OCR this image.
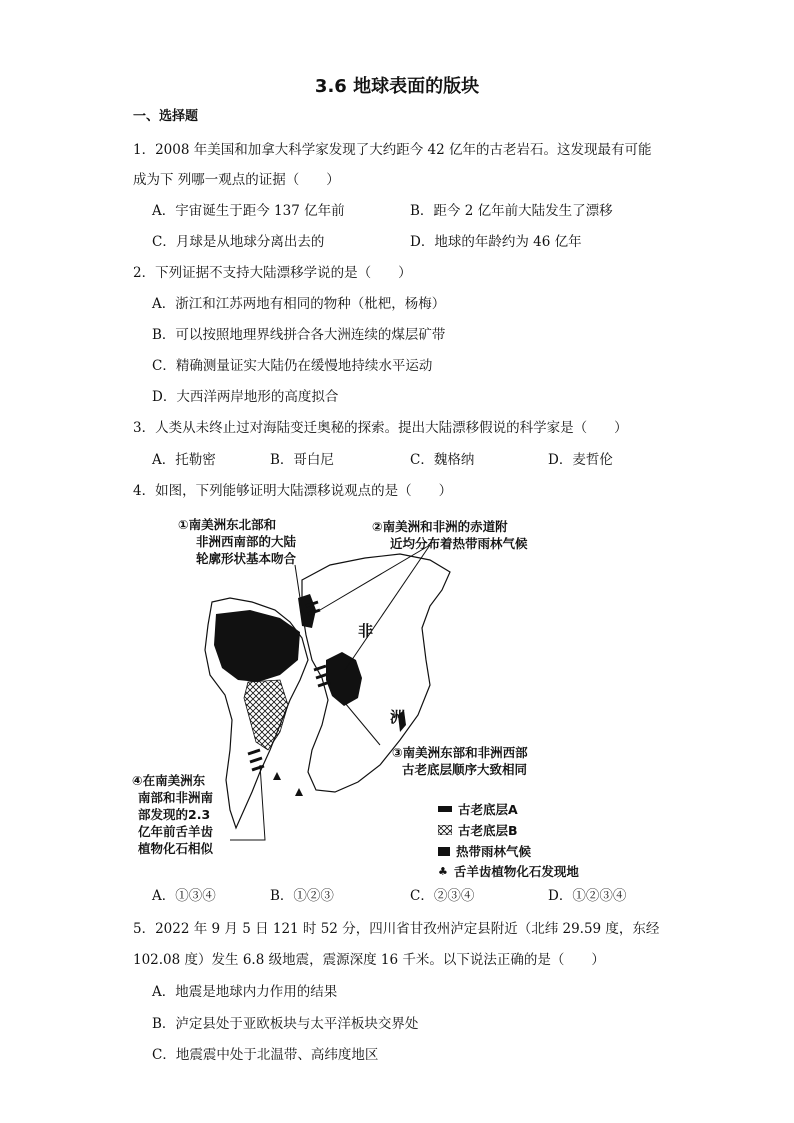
3.6 地球表面的版块
一、选择题
1．2008 年美国和加拿大科学家发现了大约距今 42 亿年的古老岩石。这发现最有可能
成为下 列哪一观点的证据（　　）
A．宇宙诞生于距今 137 亿年前	B．距今 2 亿年前大陆发生了漂移
C．月球是从地球分离出去的	D．地球的年龄约为 46 亿年
2．下列证据不支持大陆漂移学说的是（　　）
A．浙江和江苏两地有相同的物种（枇杷，杨梅）
B．可以按照地理界线拼合各大洲连续的煤层矿带
C．精确测量证实大陆仍在缓慢地持续水平运动
D．大西洋两岸地形的高度拟合
3．人类从未终止过对海陆变迁奥秘的探索。提出大陆漂移假说的科学家是（　　）
A．托勒密	B．哥白尼	C．魏格纳	D．麦哲伦
4．如图，下列能够证明大陆漂移说观点的是（　　）
①南美洲东北部和
非洲西南部的大陆
轮廓形状基本吻合
②南美洲和非洲的赤道附
近均分布着热带雨林气候
非
洲
③南美洲东部和非洲西部
古老底层顺序大致相同
④在南美洲东
南部和非洲南
部发现的2.3
亿年前舌羊齿
植物化石相似
古老底层A
古老底层B
热带雨林气候
♣ 舌羊齿植物化石发现地
A．①③④	B．①②③	C．②③④	D．①②③④
5．2022 年 9 月 5 日 121 时 52 分，四川省甘孜州泸定县附近（北纬 29.59 度，东经
102.08 度）发生 6.8 级地震，震源深度 16 千米。以下说法正确的是（　　）
A．地震是地球内力作用的结果
B．泸定县处于亚欧板块与太平洋板块交界处
C．地震震中处于北温带、高纬度地区
